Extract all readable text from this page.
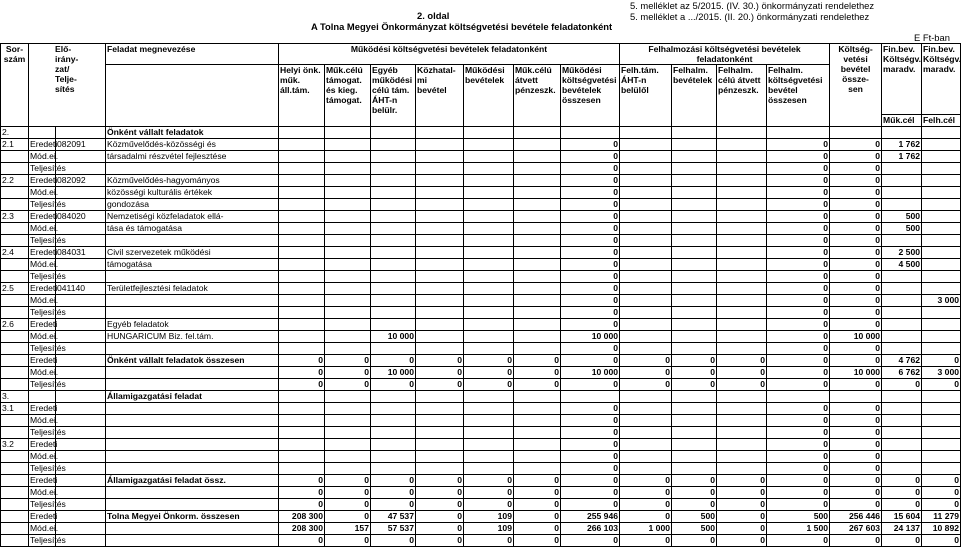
2. oldal
A Tolna Megyei Önkormányzat költségvetési bevétele feladatonként
5. melléklet az 5/2015. (IV. 30.) önkormányzati rendelethez
5. melléklet a .../2015. (II. 20.) önkormányzati rendelethez
E Ft-ban
Sor-
szám	Elő-
irány-
zat/
Telje-
sítés		Feladat megnevezése	Működési költségvetési bevételek feladatonként							Felhalmozási költségvetési bevételek feladatonként				Költség-
vetési
bevétel
össze-
sen	Fin.bev.
Költségv.
maradv.	Fin.bev.
Költségv.
maradv.
				Helyi önk.
műk.
áll.tám.	Műk.célú
támogat.
és kieg.
támogat.	Egyéb
működési
célú tám.
ÁHT-n
belülr.	Közhatal-
mi
bevétel	Működési
bevételek	Műk.célú
átvett
pénzeszk.	Működési
költségvetési
bevételek
összesen	Felh.tám.
ÁHT-n
belülől	Felhalm.
bevételek	Felhalm.
célú átvett
pénzeszk.	Felhalm.
költségvetési
bevétel
összesen			
																Műk.cél	Felh.cél
2.			Önként vállalt feladatok														
2.1	Eredeti	082091	Közművelődés-közösségi és							0				0	0	1 762	
	Mód.ei.		társadalmi részvétel fejlesztése							0				0	0	1 762	
	Teljesítés									0				0	0		
2.2	Eredeti	082092	Közművelődés-hagyományos							0				0	0		
	Mód.ei.		közösségi kulturális értékek							0				0	0		
	Teljesítés		gondozása							0				0	0		
2.3	Eredeti	084020	Nemzetiségi közfeladatok ellá-							0				0	0	500	
	Mód.ei.		tása és támogatása							0				0	0	500	
	Teljesítés									0				0	0		
2.4	Eredeti	084031	Civil szervezetek működési							0				0	0	2 500	
	Mód.ei.		támogatása							0				0	0	4 500	
	Teljesítés									0				0	0		
2.5	Eredeti	041140	Területfejlesztési feladatok							0				0	0		
	Mód.ei.									0				0	0		3 000
	Teljesítés									0				0	0		
2.6	Eredeti		Egyéb feladatok							0				0	0		
	Mód.ei.		HUNGARICUM Biz. fel.tám.			10 000				10 000				0	10 000		
	Teljesítés									0				0	0		
	Eredeti		Önként vállalt feladatok összesen	0	0	0	0	0	0	0	0	0	0	0	0	4 762	0
	Mód.ei.			0	0	10 000	0	0	0	10 000	0	0	0	0	10 000	6 762	3 000
	Teljesítés			0	0	0	0	0	0	0	0	0	0	0	0	0	0
3.			Államigazgatási feladat														
3.1	Eredeti									0				0	0		
	Mód.ei.									0				0	0		
	Teljesítés									0				0	0		
3.2	Eredeti									0				0	0		
	Mód.ei.									0				0	0		
	Teljesítés									0				0	0		
	Eredeti		Államigazgatási feladat össz.	0	0	0	0	0	0	0	0	0	0	0	0	0	0
	Mód.ei.			0	0	0	0	0	0	0	0	0	0	0	0	0	0
	Teljesítés			0	0	0	0	0	0	0	0	0	0	0	0	0	0
	Eredeti		Tolna Megyei Önkorm. összesen	208 300	0	47 537	0	109	0	255 946	0	500	0	500	256 446	15 604	11 279
	Mód.ei.			208 300	157	57 537	0	109	0	266 103	1 000	500	0	1 500	267 603	24 137	10 892
	Teljesítés			0	0	0	0	0	0	0	0	0	0	0	0	0	0
